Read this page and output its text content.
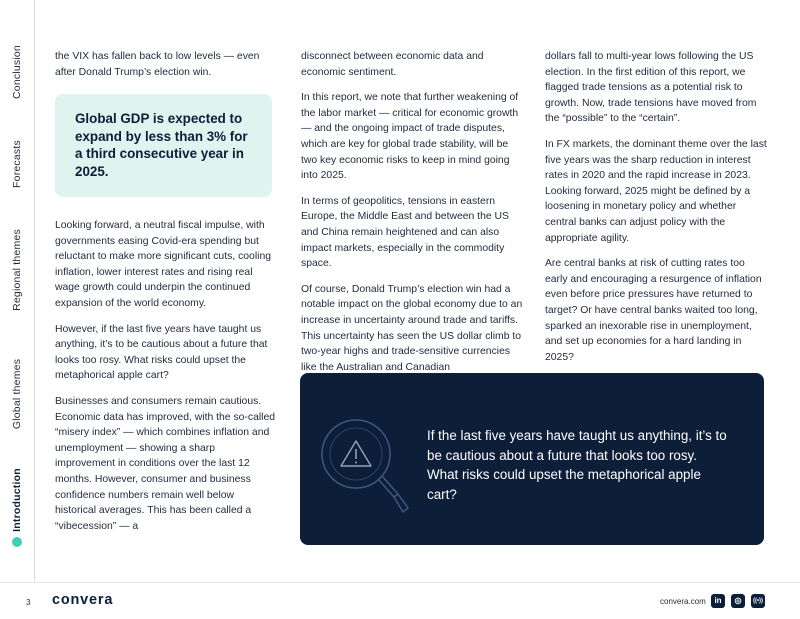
Conclusion
Forecasts
Regional themes
Global themes
Introduction

the VIX has fallen back to low levels — even after Donald Trump’s election win.

Global GDP is expected to expand by less than 3% for a third consecutive year in 2025.

Looking forward, a neutral fiscal impulse, with governments easing Covid-era spending but reluctant to make more significant cuts, cooling inflation, lower interest rates and rising real wage growth could underpin the continued expansion of the world economy.

However, if the last five years have taught us anything, it’s to be cautious about a future that looks too rosy. What risks could upset the metaphorical apple cart?

Businesses and consumers remain cautious. Economic data has improved, with the so-called “misery index” — which combines inflation and unemployment — showing a sharp improvement in conditions over the last 12 months. However, consumer and business confidence numbers remain well below historical averages. This has been called a “vibecession” — a

disconnect between economic data and economic sentiment.

In this report, we note that further weakening of the labor market — critical for economic growth — and the ongoing impact of trade disputes, which are key for global trade stability, will be two key economic risks to keep in mind going into 2025.

In terms of geopolitics, tensions in eastern Europe, the Middle East and between the US and China remain heightened and can also impact markets, especially in the commodity space.

Of course, Donald Trump’s election win had a notable impact on the global economy due to an increase in uncertainty around trade and tariffs. This uncertainty has seen the US dollar climb to two-year highs and trade-sensitive currencies like the Australian and Canadian

dollars fall to multi-year lows following the US election. In the first edition of this report, we flagged trade tensions as a potential risk to growth. Now, trade tensions have moved from the “possible” to the “certain”.

In FX markets, the dominant theme over the last five years was the sharp reduction in interest rates in 2020 and the rapid increase in 2023. Looking forward, 2025 might be defined by a loosening in monetary policy and whether central banks can adjust policy with the appropriate agility.

Are central banks at risk of cutting rates too early and encouraging a resurgence of inflation even before price pressures have returned to target? Or have central banks waited too long, sparked an inexorable rise in unemployment, and set up economies for a hard landing in 2025?

If the last five years have taught us anything, it’s to be cautious about a future that looks too rosy. What risks could upset the metaphorical apple cart?
3 convera	convera.com	in	◎	((•))
